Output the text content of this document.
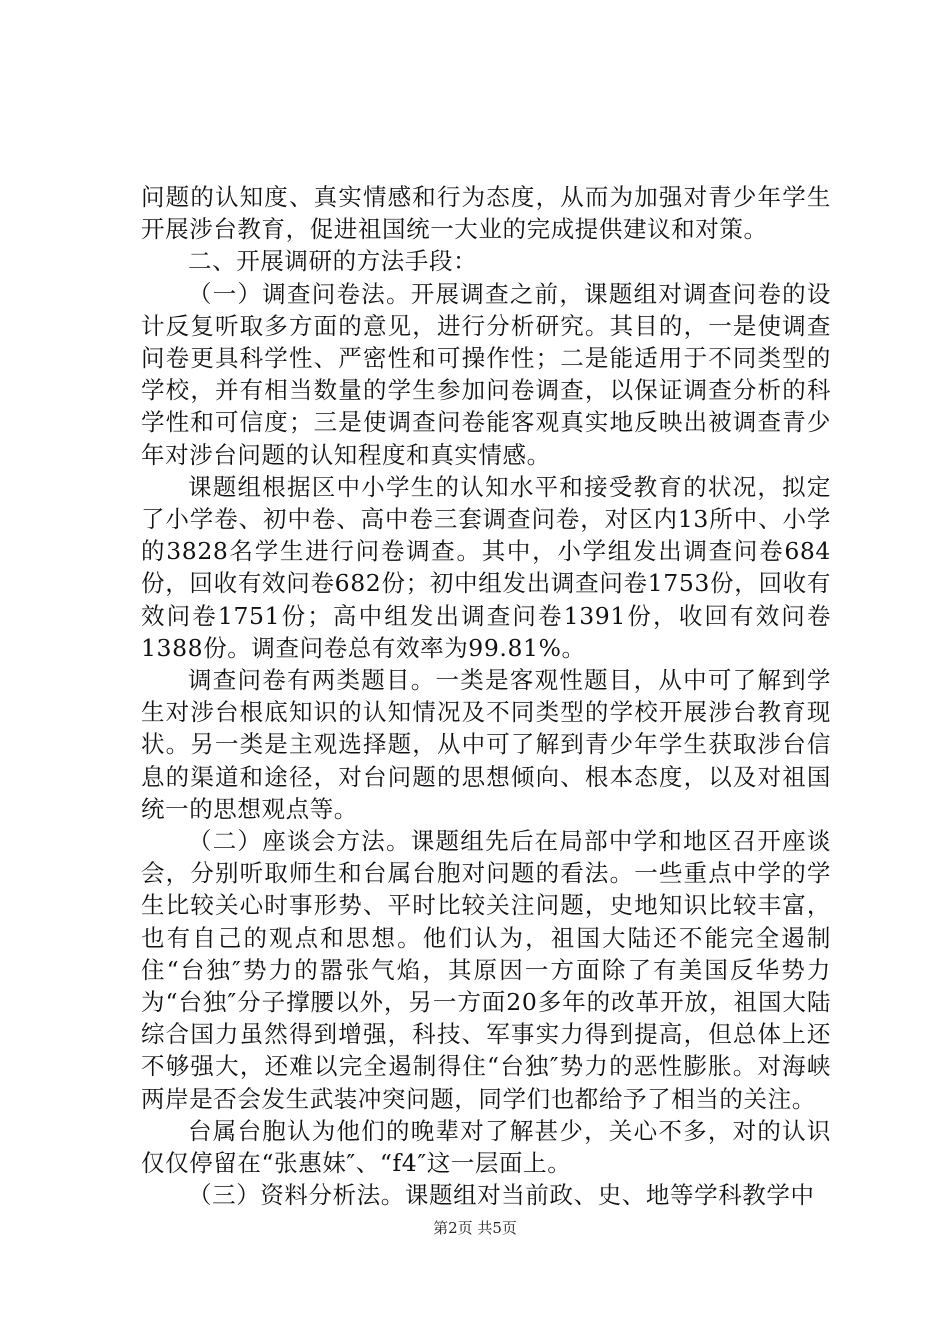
问题的认知度、真实情感和行为态度，从而为加强对青少年学生开展涉台教育，促进祖国统一大业的完成提供建议和对策。

二、开展调研的方法手段：

（一）调查问卷法。开展调查之前，课题组对调查问卷的设计反复听取多方面的意见，进行分析研究。其目的，一是使调查问卷更具科学性、严密性和可操作性；二是能适用于不同类型的学校，并有相当数量的学生参加问卷调查，以保证调查分析的科学性和可信度；三是使调查问卷能客观真实地反映出被调查青少年对涉台问题的认知程度和真实情感。

课题组根据区中小学生的认知水平和接受教育的状况，拟定了小学卷、初中卷、高中卷三套调查问卷，对区内13所中、小学的3828名学生进行问卷调查。其中，小学组发出调查问卷684份，回收有效问卷682份；初中组发出调查问卷1753份，回收有效问卷1751份；高中组发出调查问卷1391份，收回有效问卷1388份。调查问卷总有效率为99.81%。

调查问卷有两类题目。一类是客观性题目，从中可了解到学生对涉台根底知识的认知情况及不同类型的学校开展涉台教育现状。另一类是主观选择题，从中可了解到青少年学生获取涉台信息的渠道和途径，对台问题的思想倾向、根本态度，以及对祖国统一的思想观点等。

（二）座谈会方法。课题组先后在局部中学和地区召开座谈会，分别听取师生和台属台胞对问题的看法。一些重点中学的学生比较关心时事形势、平时比较关注问题，史地知识比较丰富，也有自己的观点和思想。他们认为，祖国大陆还不能完全遏制住“台独″势力的嚣张气焰，其原因一方面除了有美国反华势力为“台独″分子撑腰以外，另一方面20多年的改革开放，祖国大陆综合国力虽然得到增强，科技、军事实力得到提高，但总体上还不够强大，还难以完全遏制得住“台独″势力的恶性膨胀。对海峡两岸是否会发生武装冲突问题，同学们也都给予了相当的关注。

台属台胞认为他们的晚辈对了解甚少，关心不多，对的认识仅仅停留在“张惠妹″、“f4″这一层面上。

（三）资料分析法。课题组对当前政、史、地等学科教学中

第2页 共5页
